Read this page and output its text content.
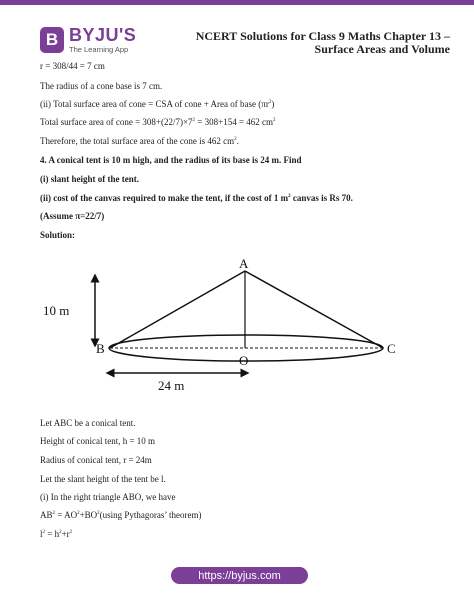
B BYJU'S
The Learning App
NCERT Solutions for Class 9 Maths Chapter 13 –
Surface Areas and Volume
r = 308/44 = 7 cm
The radius of a cone base is 7 cm.
(ii) Total surface area of cone = CSA of cone + Area of base $(\pi r^2)$
Total surface area of cone = $308+(22/7)\times 7^2 = 308+154 = 462$ $cm^2$
Therefore, the total surface area of the cone is 462 $cm^2$.
4. A conical tent is 10 m high, and the radius of its base is 24 m. Find
(i) slant height of the tent.
(ii) cost of the canvas required to make the tent, if the cost of 1 $m^2$ canvas is Rs 70.
(Assume π=22/7)
Solution:
Let ABC be a conical tent.
Height of conical tent, h = 10 m
Radius of conical tent, r = 24m
Let the slant height of the tent be l.
(i) In the right triangle ABO, we have
$AB^2 = AO^2+BO^2(using$ Pythagoras’ theorem)
$l^2 = h^2+r^2$
A
B	C
O
10 m
24 m
https://byjus.com
